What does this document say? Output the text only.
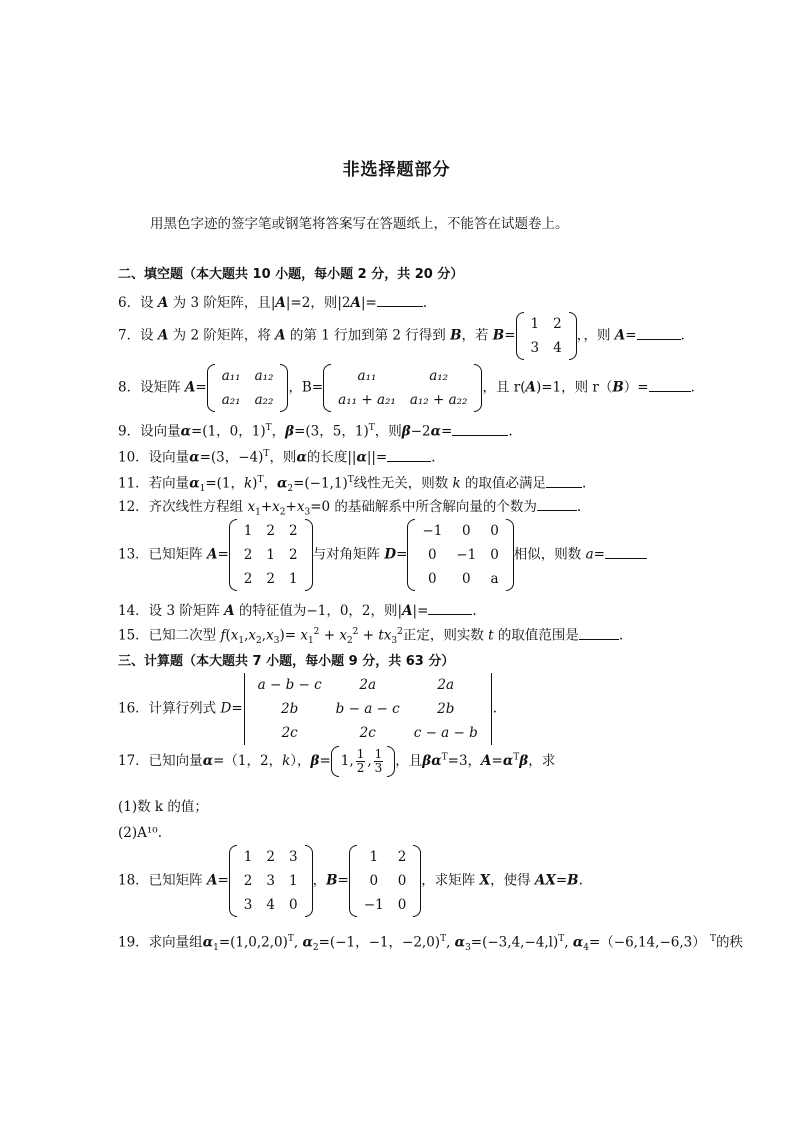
非选择题部分
用黑色字迹的签字笔或钢笔将答案写在答题纸上，不能答在试题卷上。
二、填空题（本大题共 10 小题，每小题 2 分，共 20 分）
6．设 A 为 3 阶矩阵，且|A|=2，则|2A|=	.
7．设 A 为 2 阶矩阵，将 A 的第 1 行加到第 2 行得到 B，若 B=
1	2
3	4
，，则 A=	.
8．设矩阵 A=
a₁₁	a₁₂
a₂₁	a₂₂
，B=
a₁₁	a₁₂
a₁₁ + a₂₁	a₁₂ + a₂₂
，且 r(A)=1，则 r（B）=	.
9．设向量α=(1，0，1)$^T$，β=(3，5，1)$^T$，则β−2α=	.
10．设向量α=(3，−4)$^T$，则α的长度||α||=	.
11．若向量$\alpha_1=(1$，k)$^T$，$\alpha_2=(-1,1)^T$线性无关，则数 k 的取值必满足	.
12．齐次线性方程组 $x_1+x_2+x_3=0$ 的基础解系中所含解向量的个数为	.
13．已知矩阵 A=
1	2	2
2	1	2
2	2	1
与对角矩阵 D=
−1	0	0
0	−1	0
0	0	a
相似，则数 a=
14．设 3 阶矩阵 A 的特征值为−1，0，2，则|A|=	.
15．已知二次型 $f(x_1,x_2,x_3)= x_1^2 + x_2^2 + tx_3^2$正定，则实数 t 的取值范围是	.
三、计算题（本大题共 7 小题，每小题 9 分，共 63 分）
16．计算行列式 D=
a − b − c	2a	2a
2b	b − a − c	2b
2c	2c	c − a − b
.
17．已知向量α=（1，2，k），β= 1, $\frac{1}{2}$ , $\frac{1}{3}$ ，且$\beta\alpha^T=3$，$A=\alpha^T\beta$，求
(1)数 k 的值；
(2)A¹⁰.
18．已知矩阵 A=
1	2	3
2	3	1
3	4	0
，B=
1	2
0	0
−1	0
，求矩阵 X，使得 AX=B.
19．求向量组$\alpha_1=(1,0,2,0)^T$, $\alpha_2=(-1$，−1，−2,0)$^T$, $\alpha_3=(-3,4,-4,l)^T$, $\alpha_4=(-6,14,-6,3)$ $^T$的秩
